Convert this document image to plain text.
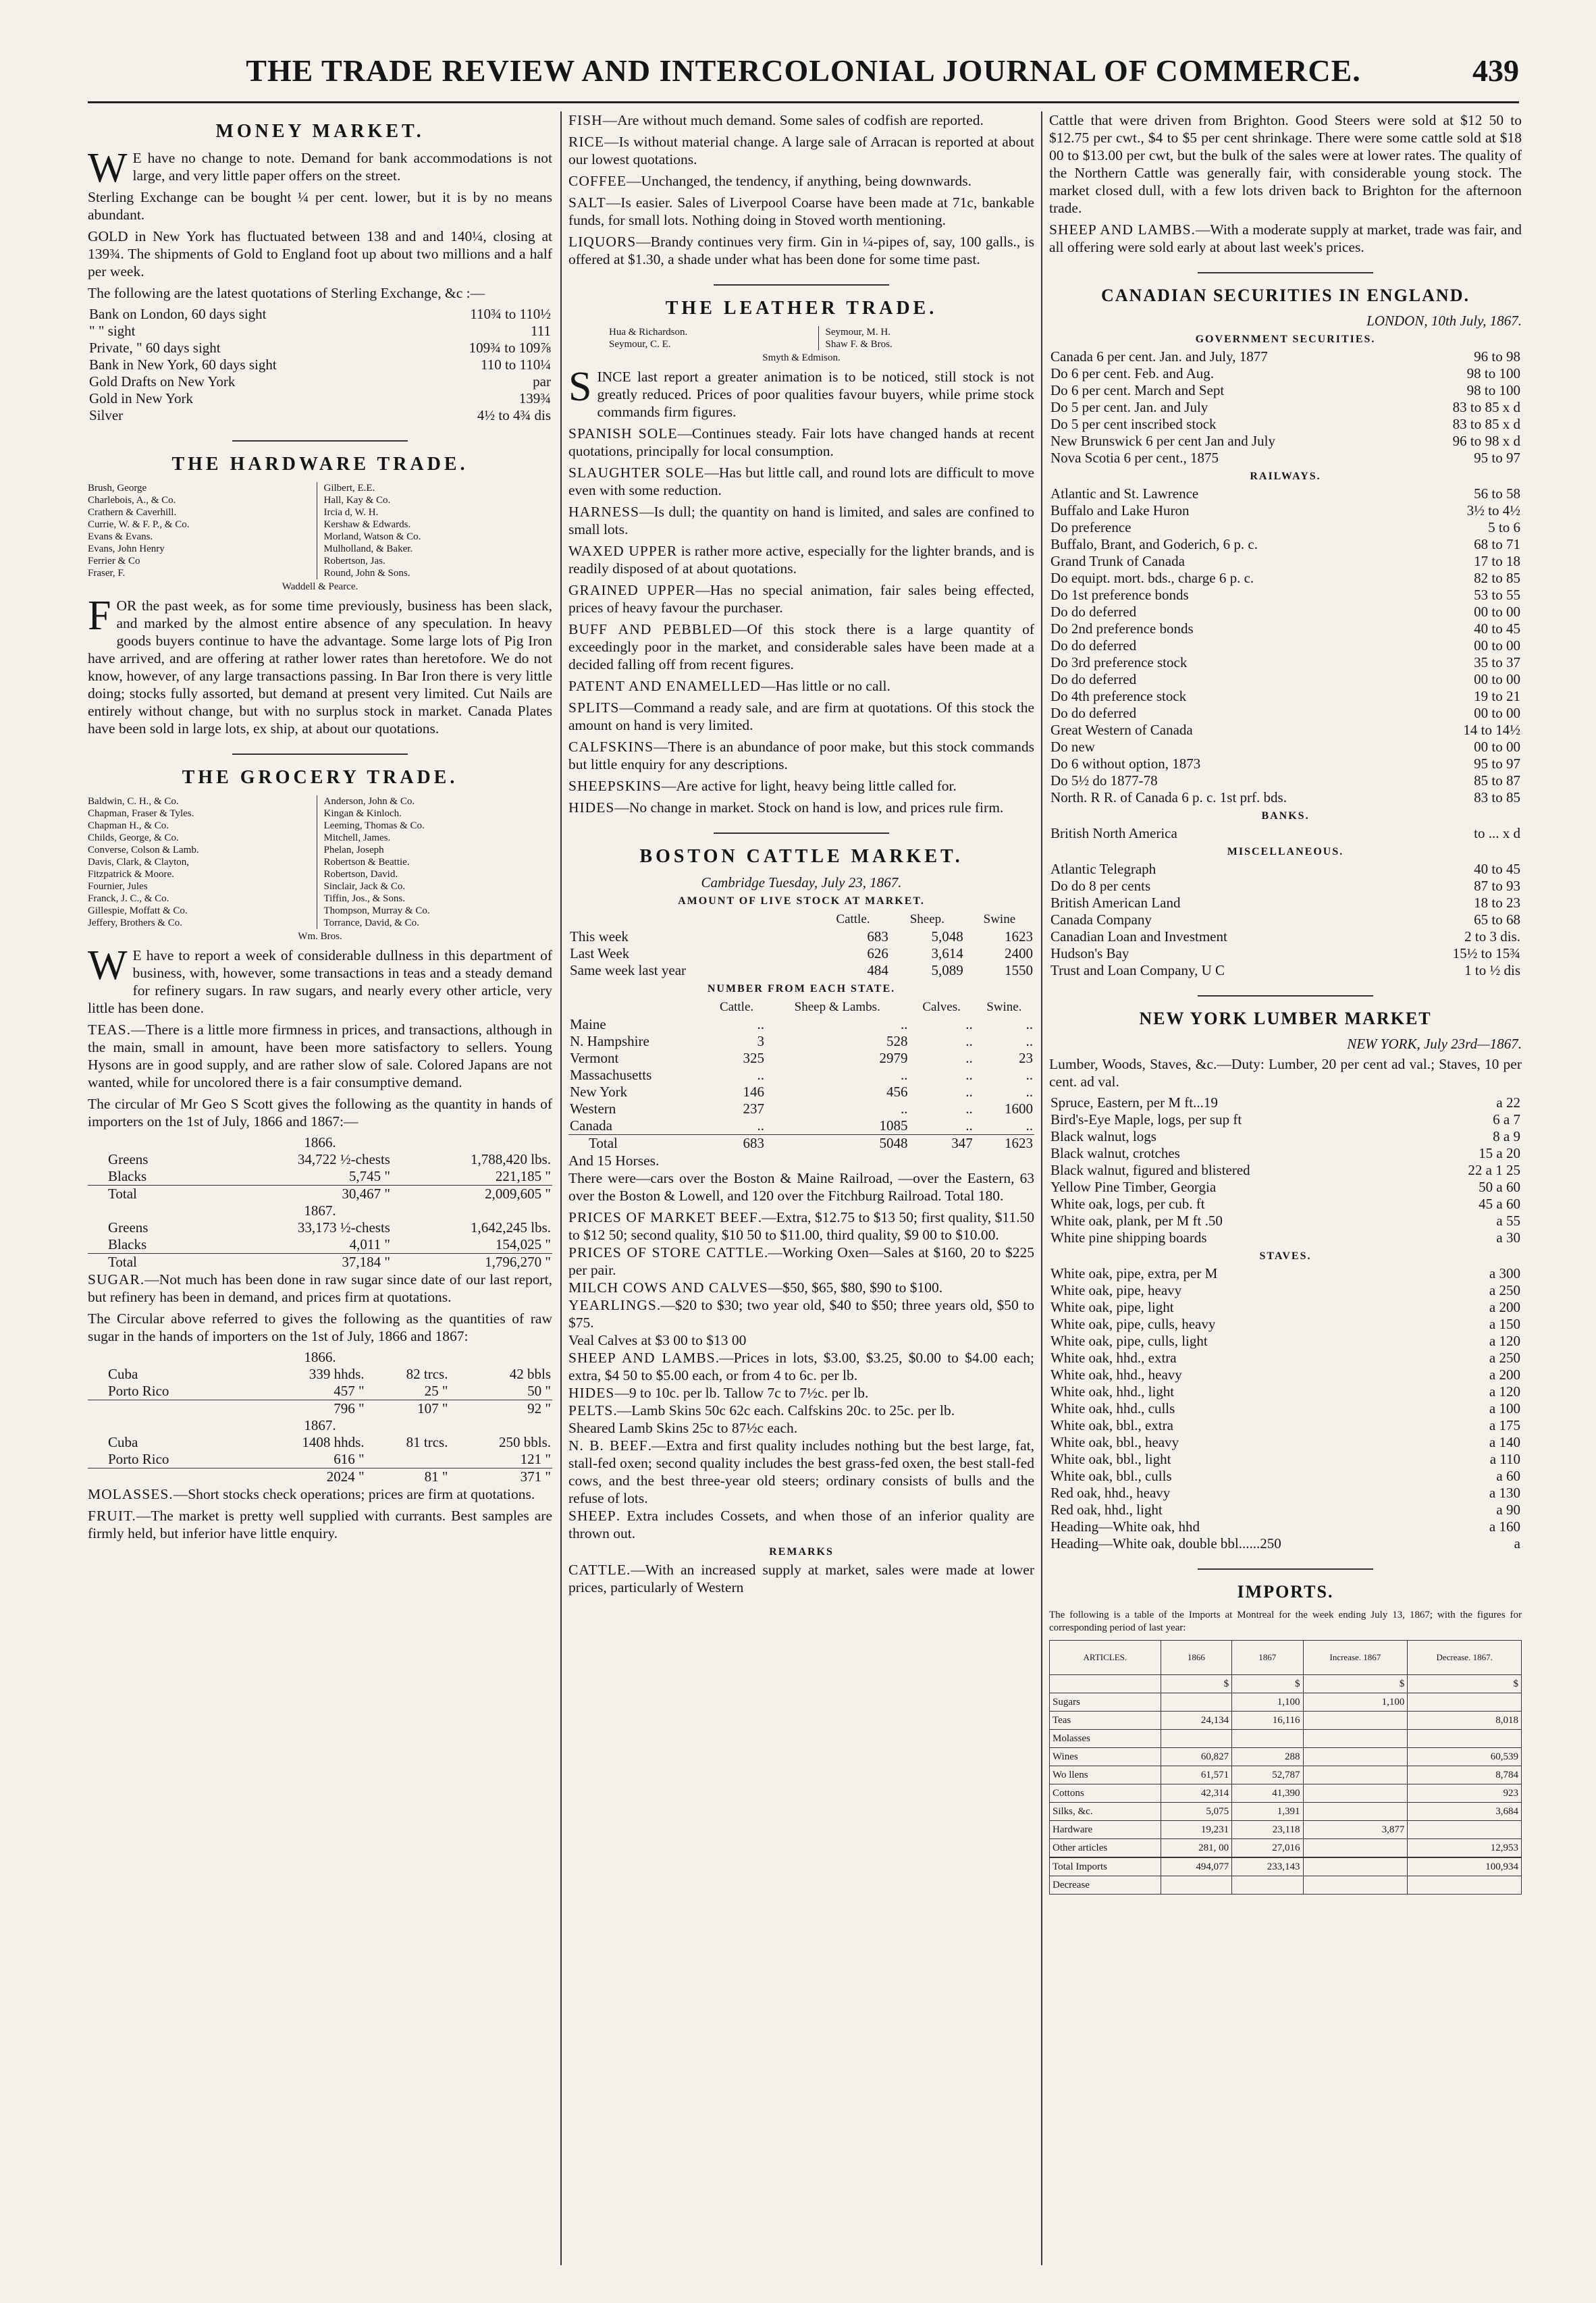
THE TRADE REVIEW AND INTERCOLONIAL JOURNAL OF COMMERCE.	439
MONEY MARKET.

W E have no change to note. Demand for bank accommodations is not large, and very little paper offers on the street.

Sterling Exchange can be bought ¼ per cent. lower, but it is by no means abundant.

GOLD in New York has fluctuated between 138 and and 140¼, closing at 139¾. The shipments of Gold to England foot up about two millions and a half per week.

The following are the latest quotations of Sterling Exchange, &c :—

Bank on London, 60 days sight	110¾ to 110½
" " sight	111
Private, " 60 days sight	109¾ to 109⅞
Bank in New York, 60 days sight	110 to 110¼
Gold Drafts on New York	par
Gold in New York	139¾
Silver	4½ to 4¾ dis
THE HARDWARE TRADE.
Brush, George
Charlebois, A., & Co.
Crathern & Caverhill.
Currie, W. & F. P., & Co.
Evans & Evans.
Evans, John Henry
Ferrier & Co
Fraser, F.
Gilbert, E.E.
Hall, Kay & Co.
Ircia d, W. H.
Kershaw & Edwards.
Morland, Watson & Co.
Mulholland, & Baker.
Robertson, Jas.
Round, John & Sons.
Waddell & Pearce.

FOR the past week, as for some time previously, business has been slack, and marked by the almost entire absence of any speculation. In heavy goods buyers continue to have the advantage. Some large lots of Pig Iron have arrived, and are offering at rather lower rates than heretofore. We do not know, however, of any large transactions passing. In Bar Iron there is very little doing; stocks fully assorted, but demand at present very limited. Cut Nails are entirely without change, but with no surplus stock in market. Canada Plates have been sold in large lots, ex ship, at about our quotations.

THE GROCERY TRADE.
Baldwin, C. H., & Co.
Chapman, Fraser & Tyles.
Chapman H., & Co.
Childs, George, & Co.
Converse, Colson & Lamb.
Davis, Clark, & Clayton,
Fitzpatrick & Moore.
Fournier, Jules
Franck, J. C., & Co.
Gillespie, Moffatt & Co.
Jeffery, Brothers & Co.
Anderson, John & Co.
Kingan & Kinloch.
Leeming, Thomas & Co.
Mitchell, James.
Phelan, Joseph
Robertson & Beattie.
Robertson, David.
Sinclair, Jack & Co.
Tiffin, Jos., & Sons.
Thompson, Murray & Co.
Torrance, David, & Co.
Wm. Bros.

W E have to report a week of considerable dullness in this department of business, with, however, some transactions in teas and a steady demand for refinery sugars. In raw sugars, and nearly every other article, very little has been done.

TEAS.—There is a little more firmness in prices, and transactions, although in the main, small in amount, have been more satisfactory to sellers. Young Hysons are in good supply, and are rather slow of sale. Colored Japans are not wanted, while for uncolored there is a fair consumptive demand.

The circular of Mr Geo S Scott gives the following as the quantity in hands of importers on the 1st of July, 1866 and 1867:—

1866.		
Greens	34,722 ½-chests	1,788,420 lbs.
Blacks	5,745 "	221,185 "
Total	30,467 "	2,009,605 "
1867.		
Greens	33,173 ½-chests	1,642,245 lbs.
Blacks	4,011 "	154,025 "
Total	37,184 "	1,796,270 "

SUGAR.—Not much has been done in raw sugar since date of our last report, but refinery has been in demand, and prices firm at quotations.

The Circular above referred to gives the following as the quantities of raw sugar in the hands of importers on the 1st of July, 1866 and 1867:

1866.			
Cuba	339 hhds.	82 trcs.	42 bbls
Porto Rico	457 "	25 "	50 "
	796 "	107 "	92 "
1867.			
Cuba	1408 hhds.	81 trcs.	250 bbls.
Porto Rico	616 "		121 "
	2024 "	81 "	371 "

MOLASSES.—Short stocks check operations; prices are firm at quotations.

FRUIT.—The market is pretty well supplied with currants. Best samples are firmly held, but inferior have little enquiry.

FISH—Are without much demand. Some sales of codfish are reported.

RICE—Is without material change. A large sale of Arracan is reported at about our lowest quotations.

COFFEE—Unchanged, the tendency, if anything, being downwards.

SALT—Is easier. Sales of Liverpool Coarse have been made at 71c, bankable funds, for small lots. Nothing doing in Stoved worth mentioning.

LIQUORS—Brandy continues very firm. Gin in ¼-pipes of, say, 100 galls., is offered at $1.30, a shade under what has been done for some time past.

THE LEATHER TRADE.
Hua & Richardson.
Seymour, C. E.
Seymour, M. H.
Shaw F. & Bros.
Smyth & Edmison.

SINCE last report a greater animation is to be noticed, still stock is not greatly reduced. Prices of poor qualities favour buyers, while prime stock commands firm figures.

SPANISH SOLE—Continues steady. Fair lots have changed hands at recent quotations, principally for local consumption.

SLAUGHTER SOLE—Has but little call, and round lots are difficult to move even with some reduction.

HARNESS—Is dull; the quantity on hand is limited, and sales are confined to small lots.

WAXED UPPER is rather more active, especially for the lighter brands, and is readily disposed of at about quotations.

GRAINED UPPER—Has no special animation, fair sales being effected, prices of heavy favour the purchaser.

BUFF AND PEBBLED—Of this stock there is a large quantity of exceedingly poor in the market, and considerable sales have been made at a decided falling off from recent figures.

PATENT AND ENAMELLED—Has little or no call.

SPLITS—Command a ready sale, and are firm at quotations. Of this stock the amount on hand is very limited.

CALFSKINS—There is an abundance of poor make, but this stock commands but little enquiry for any descriptions.

SHEEPSKINS—Are active for light, heavy being little called for.

HIDES—No change in market. Stock on hand is low, and prices rule firm.

BOSTON CATTLE MARKET.
Cambridge Tuesday, July 23, 1867.
AMOUNT OF LIVE STOCK AT MARKET.
	Cattle.	Sheep.	Swine
This week	683	5,048	1623
Last Week	626	3,614	2400
Same week last year	484	5,089	1550
NUMBER FROM EACH STATE.
	Cattle.	Sheep & Lambs.	Calves.	Swine.
Maine	..	..	..	..
N. Hampshire	3	528	..	..
Vermont	325	2979	..	23
Massachusetts	..	..	..	..
New York	146	456	..	..
Western	237	..	..	1600
Canada	..	1085	..	..
Total	683	5048	347	1623

And 15 Horses.

There were—cars over the Boston & Maine Railroad, —over the Eastern, 63 over the Boston & Lowell, and 120 over the Fitchburg Railroad. Total 180.

PRICES OF MARKET BEEF.—Extra, $12.75 to $13 50; first quality, $11.50 to $12 50; second quality, $10 50 to $11.00, third quality, $9 00 to $10.00.

PRICES OF STORE CATTLE.—Working Oxen—Sales at $160, 20 to $225 per pair.

MILCH COWS AND CALVES—$50, $65, $80, $90 to $100.

YEARLINGS.—$20 to $30; two year old, $40 to $50; three years old, $50 to $75.

Veal Calves at $3 00 to $13 00

SHEEP AND LAMBS.—Prices in lots, $3.00, $3.25, $0.00 to $4.00 each; extra, $4 50 to $5.00 each, or from 4 to 6c. per lb.

HIDES—9 to 10c. per lb. Tallow 7c to 7½c. per lb.

PELTS.—Lamb Skins 50c 62c each. Calfskins 20c. to 25c. per lb.

Sheared Lamb Skins 25c to 87½c each.

N. B. BEEF.—Extra and first quality includes nothing but the best large, fat, stall-fed oxen; second quality includes the best grass-fed oxen, the best stall-fed cows, and the best three-year old steers; ordinary consists of bulls and the refuse of lots.

SHEEP. Extra includes Cossets, and when those of an inferior quality are thrown out.

REMARKS

CATTLE.—With an increased supply at market, sales were made at lower prices, particularly of Western

Cattle that were driven from Brighton. Good Steers were sold at $12 50 to $12.75 per cwt., $4 to $5 per cent shrinkage. There were some cattle sold at $18 00 to $13.00 per cwt, but the bulk of the sales were at lower rates. The quality of the Northern Cattle was generally fair, with considerable young stock. The market closed dull, with a few lots driven back to Brighton for the afternoon trade.

SHEEP AND LAMBS.—With a moderate supply at market, trade was fair, and all offering were sold early at about last week's prices.

CANADIAN SECURITIES IN ENGLAND.
LONDON, 10th July, 1867.
GOVERNMENT SECURITIES.
Canada 6 per cent. Jan. and July, 1877	96 to 98
Do 6 per cent. Feb. and Aug.	98 to 100
Do 6 per cent. March and Sept	98 to 100
Do 5 per cent. Jan. and July	83 to 85 x d
Do 5 per cent inscribed stock	83 to 85 x d
New Brunswick 6 per cent Jan and July	96 to 98 x d
Nova Scotia 6 per cent., 1875	95 to 97
RAILWAYS.
Atlantic and St. Lawrence	56 to 58
Buffalo and Lake Huron	3½ to 4½
Do preference	5 to 6
Buffalo, Brant, and Goderich, 6 p. c.	68 to 71
Grand Trunk of Canada	17 to 18
Do equipt. mort. bds., charge 6 p. c.	82 to 85
Do 1st preference bonds	53 to 55
Do do deferred	00 to 00
Do 2nd preference bonds	40 to 45
Do do deferred	00 to 00
Do 3rd preference stock	35 to 37
Do do deferred	00 to 00
Do 4th preference stock	19 to 21
Do do deferred	00 to 00
Great Western of Canada	14 to 14½
Do new	00 to 00
Do 6 without option, 1873	95 to 97
Do 5½ do 1877-78	85 to 87
North. R R. of Canada 6 p. c. 1st prf. bds.	83 to 85
BANKS.
British North America	to ... x d
MISCELLANEOUS.
Atlantic Telegraph	40 to 45
Do do 8 per cents	87 to 93
British American Land	18 to 23
Canada Company	65 to 68
Canadian Loan and Investment	2 to 3 dis.
Hudson's Bay	15½ to 15¾
Trust and Loan Company, U C	1 to ½ dis
NEW YORK LUMBER MARKET
NEW YORK, July 23rd—1867.

Lumber, Woods, Staves, &c.—Duty: Lumber, 20 per cent ad val.; Staves, 10 per cent. ad val.

Spruce, Eastern, per M ft...19	a 22
Bird's-Eye Maple, logs, per sup ft	6 a 7
Black walnut, logs	8 a 9
Black walnut, crotches	15 a 20
Black walnut, figured and blistered	22 a 1 25
Yellow Pine Timber, Georgia	50 a 60
White oak, logs, per cub. ft	45 a 60
White oak, plank, per M ft .50	a 55
White pine shipping boards	a 30
STAVES.
White oak, pipe, extra, per M	a 300
White oak, pipe, heavy	a 250
White oak, pipe, light	a 200
White oak, pipe, culls, heavy	a 150
White oak, pipe, culls, light	a 120
White oak, hhd., extra	a 250
White oak, hhd., heavy	a 200
White oak, hhd., light	a 120
White oak, hhd., culls	a 100
White oak, bbl., extra	a 175
White oak, bbl., heavy	a 140
White oak, bbl., light	a 110
White oak, bbl., culls	a 60
Red oak, hhd., heavy	a 130
Red oak, hhd., light	a 90
Heading—White oak, hhd	a 160
Heading—White oak, double bbl......250	a
IMPORTS.

The following is a table of the Imports at Montreal for the week ending July 13, 1867; with the figures for corresponding period of last year:

ARTICLES.	1866	1867	Increase. 1867	Decrease. 1867.
	$	$	$	$
Sugars		1,100	1,100	
Teas	24,134	16,116		8,018
Molasses				
Wines	60,827	288		60,539
Wo llens	61,571	52,787		8,784
Cottons	42,314	41,390		923
Silks, &c.	5,075	1,391		3,684
Hardware	19,231	23,118	3,877	
Other articles	281, 00	27,016		12,953
Total Imports	494,077	233,143		100,934
Decrease				
